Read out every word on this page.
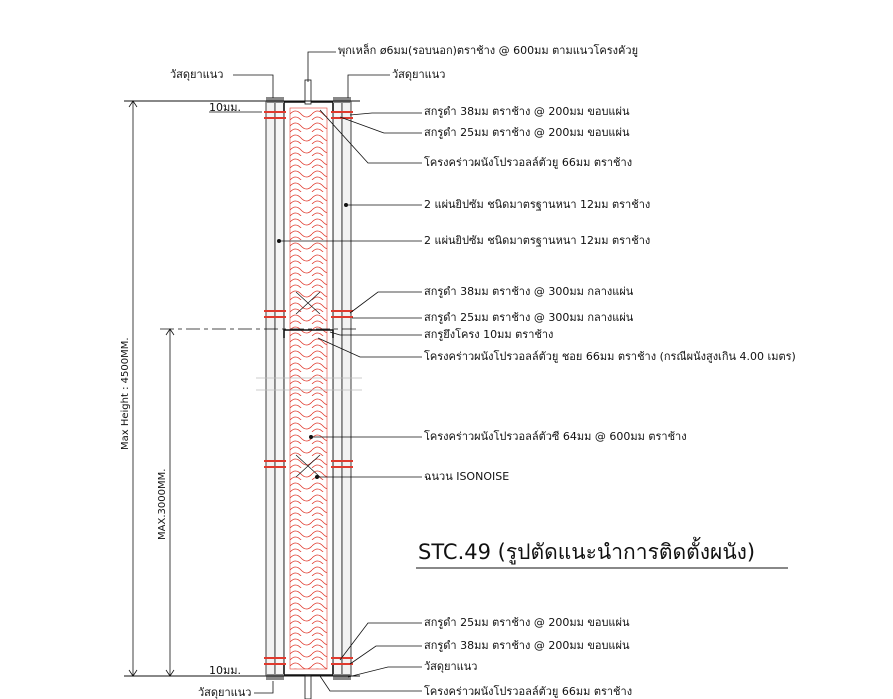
Max Height : 4500MM.
MAX.3000MM.
10มม.
10มม.
พุกเหล็ก ø6มม(รอบนอก)ตราช้าง @ 600มม ตามแนวโครงคัวยู
วัสดุยาแนว	วัสดุยาแนว
สกรูดำ 38มม ตราช้าง @ 200มม ขอบแผ่น
สกรูดำ 25มม ตราช้าง @ 200มม ขอบแผ่น
โครงคร่าวผนังโปรวอลล์ตัวยู 66มม ตราช้าง
2 แผ่นยิปซัม ชนิดมาตรฐานหนา 12มม ตราช้าง
2 แผ่นยิปซัม ชนิดมาตรฐานหนา 12มม ตราช้าง
สกรูดำ 38มม ตราช้าง @ 300มม กลางแผ่น
สกรูดำ 25มม ตราช้าง @ 300มม กลางแผ่น
สกรูยึงโครง 10มม ตราช้าง
โครงคร่าวผนังโปรวอลล์ตัวยู ชอย 66มม ตราช้าง (กรณีผนังสูงเกิน 4.00 เมตร)
โครงคร่าวผนังโปรวอลล์ตัวซี 64มม @ 600มม ตราช้าง
ฉนวน ISONOISE
สกรูดำ 25มม ตราช้าง @ 200มม ขอบแผ่น
สกรูดำ 38มม ตราช้าง @ 200มม ขอบแผ่น
วัสดุยาแนว
วัสดุยาแนว	โครงคร่าวผนังโปรวอลล์ตัวยู 66มม ตราช้าง
STC.49 (รูปตัดแนะนำการติดตั้งผนัง)
